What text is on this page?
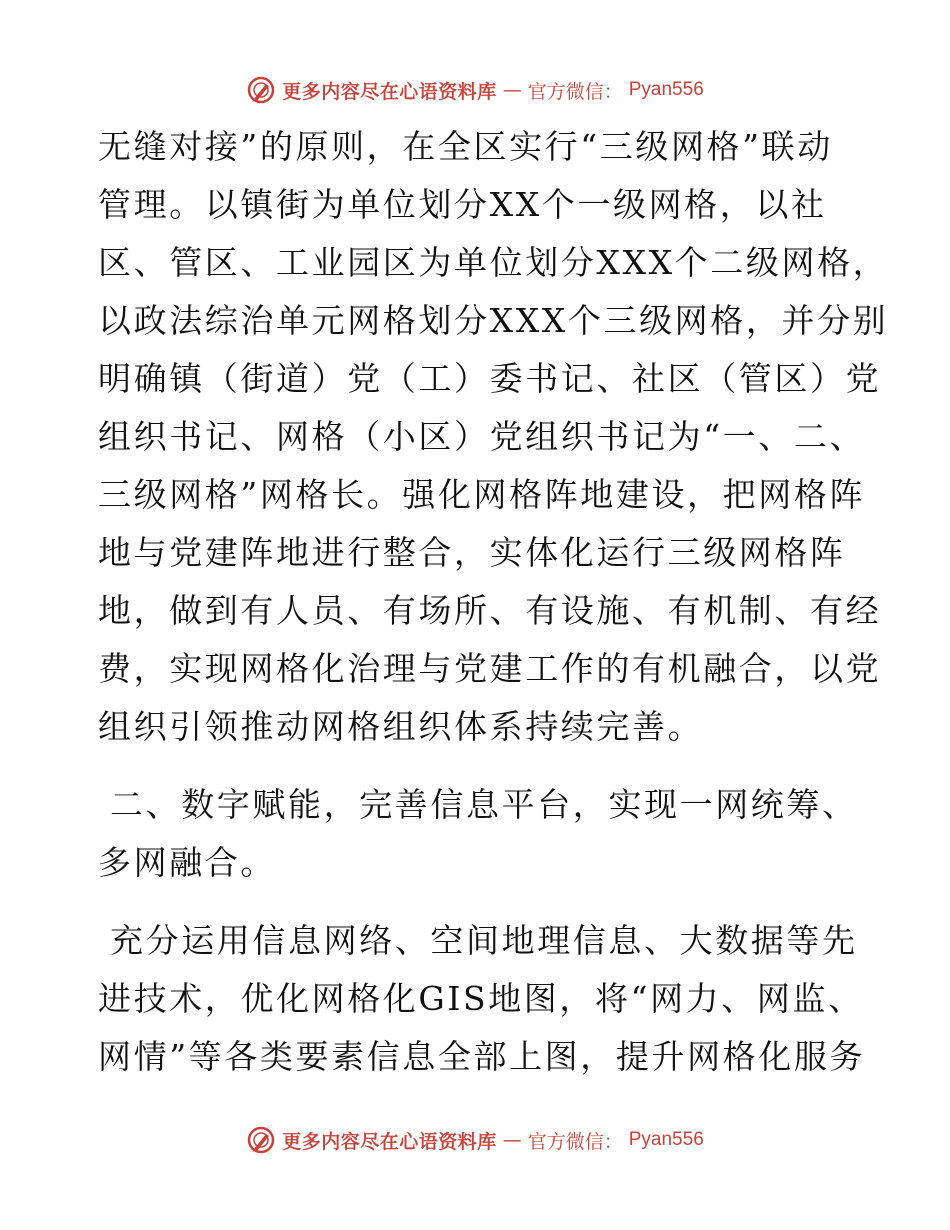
更多内容尽在心语资料库 — 官方微信： Pyan556
无缝对接”的原则，在全区实行“三级网格”联动
管理。以镇街为单位划分XX个一级网格，以社
区、管区、工业园区为单位划分XXX个二级网格，
以政法综治单元网格划分XXX个三级网格，并分别
明确镇（街道）党（工）委书记、社区（管区）党
组织书记、网格（小区）党组织书记为“一、二、
三级网格”网格长。强化网格阵地建设，把网格阵
地与党建阵地进行整合，实体化运行三级网格阵
地，做到有人员、有场所、有设施、有机制、有经
费，实现网格化治理与党建工作的有机融合，以党
组织引领推动网格组织体系持续完善。
二、数字赋能，完善信息平台，实现一网统筹、
多网融合。
充分运用信息网络、空间地理信息、大数据等先
进技术，优化网格化GIS地图，将“网力、网监、
网情”等各类要素信息全部上图，提升网格化服务
更多内容尽在心语资料库 — 官方微信： Pyan556
